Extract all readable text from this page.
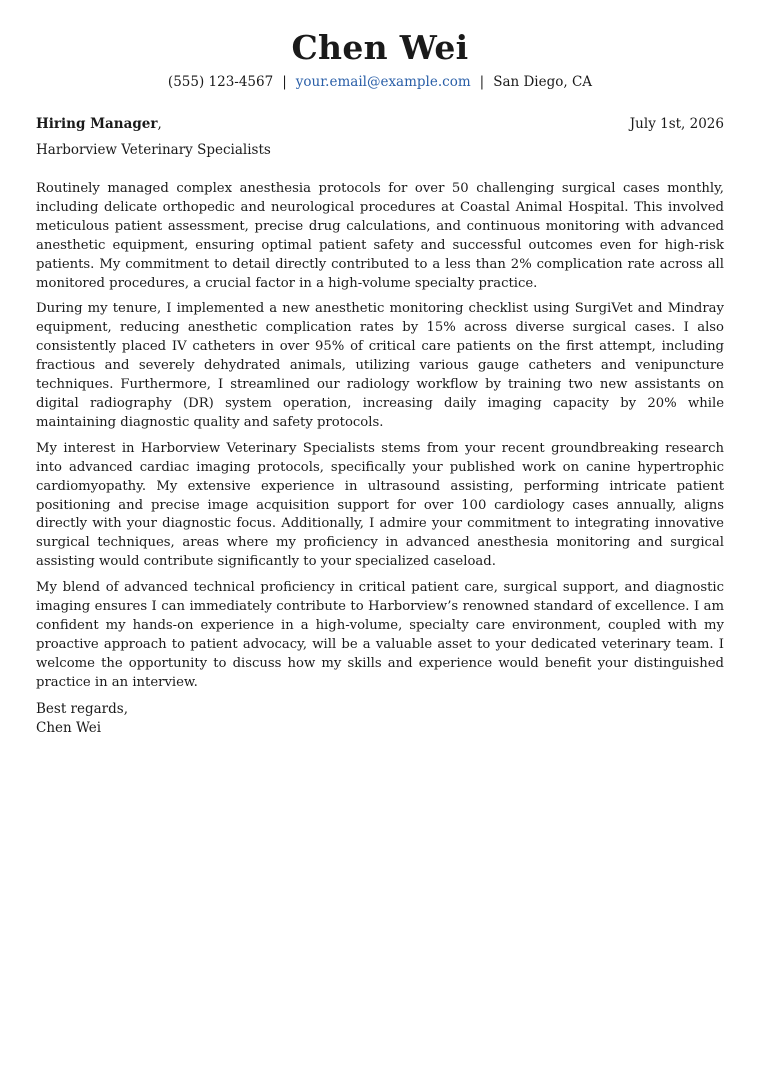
Chen Wei
(555) 123-4567 | your.email@example.com | San Diego, CA
Hiring Manager,	July 1st, 2026
Harborview Veterinary Specialists

Routinely managed complex anesthesia protocols for over 50 challenging surgical cases monthly, including delicate orthopedic and neurological procedures at Coastal Animal Hospital. This involved meticulous patient assessment, precise drug calculations, and continuous monitoring with advanced anesthetic equipment, ensuring optimal patient safety and successful outcomes even for high-risk patients. My commitment to detail directly contributed to a less than 2% complication rate across all monitored procedures, a crucial factor in a high-volume specialty practice.

During my tenure, I implemented a new anesthetic monitoring checklist using SurgiVet and Mindray equipment, reducing anesthetic complication rates by 15% across diverse surgical cases. I also consistently placed IV catheters in over 95% of critical care patients on the first attempt, including fractious and severely dehydrated animals, utilizing various gauge catheters and venipuncture techniques. Furthermore, I streamlined our radiology workflow by training two new assistants on digital radiography (DR) system operation, increasing daily imaging capacity by 20% while maintaining diagnostic quality and safety protocols.

My interest in Harborview Veterinary Specialists stems from your recent groundbreaking research into advanced cardiac imaging protocols, specifically your published work on canine hypertrophic cardiomyopathy. My extensive experience in ultrasound assisting, performing intricate patient positioning and precise image acquisition support for over 100 cardiology cases annually, aligns directly with your diagnostic focus. Additionally, I admire your commitment to integrating innovative surgical techniques, areas where my proficiency in advanced anesthesia monitoring and surgical assisting would contribute significantly to your specialized caseload.

My blend of advanced technical proficiency in critical patient care, surgical support, and diagnostic imaging ensures I can immediately contribute to Harborview’s renowned standard of excellence. I am confident my hands-on experience in a high-volume, specialty care environment, coupled with my proactive approach to patient advocacy, will be a valuable asset to your dedicated veterinary team. I welcome the opportunity to discuss how my skills and experience would benefit your distinguished practice in an interview.

Best regards,
Chen Wei
